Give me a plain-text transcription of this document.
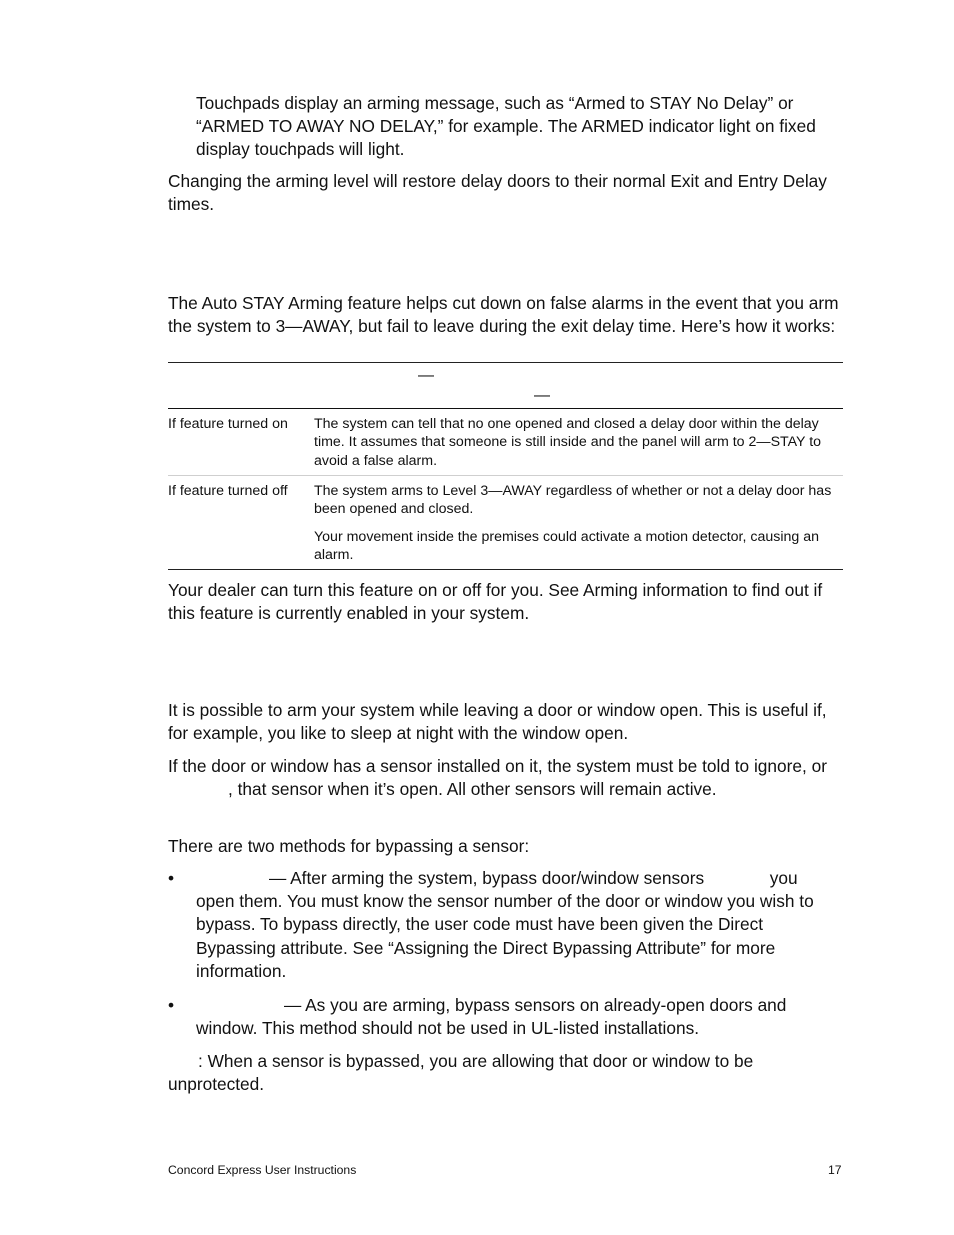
Touchpads display an arming message, such as “Armed to STAY No Delay” or “ARMED TO AWAY NO DELAY,” for example. The ARMED indicator light on fixed display touchpads will light.

Changing the arming level will restore delay doors to their normal Exit and Entry Delay times.

The Auto STAY Arming feature helps cut down on false alarms in the event that you arm the system to 3—AWAY, but fail to leave during the exit delay time. Here’s how it works:

—
—
If feature turned on	The system can tell that no one opened and closed a delay door within the delay time. It assumes that someone is still inside and the panel will arm to 2—STAY to avoid a false alarm.
If feature turned off	The system arms to Level 3—AWAY regardless of whether or not a delay door has been opened and closed.
Your movement inside the premises could activate a motion detector, causing an alarm.

Your dealer can turn this feature on or off for you. See Arming information to find out if this feature is currently enabled in your system.

It is possible to arm your system while leaving a door or window open. This is useful if, for example, you like to sleep at night with the window open.

If the door or window has a sensor installed on it, the system must be told to ignore, or , that sensor when it’s open. All other sensors will remain active.

There are two methods for bypassing a sensor:

•	— After arming the system, bypass door/window sensors	you open them. You must know the sensor number of the door or window you wish to bypass. To bypass directly, the user code must have been given the Direct Bypassing attribute. See “Assigning the Direct Bypassing Attribute” for more information.
•	— As you are arming, bypass sensors on already-open doors and window. This method should not be used in UL-listed installations.

: When a sensor is bypassed, you are allowing that door or window to be unprotected.

Concord Express User Instructions	17
